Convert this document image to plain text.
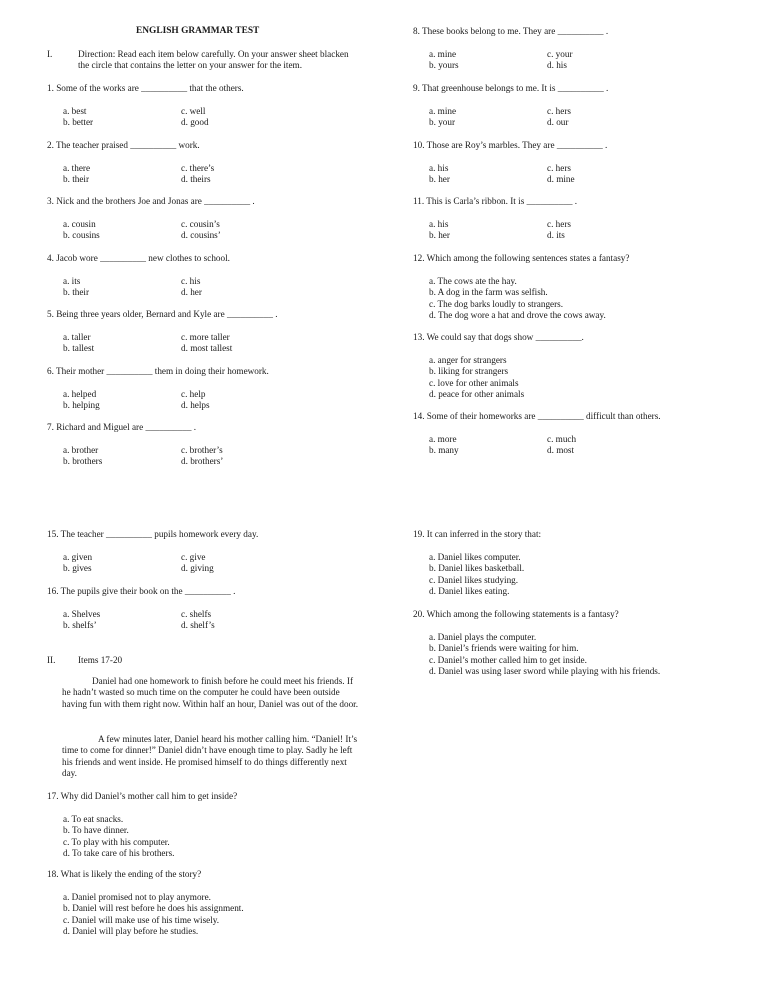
ENGLISH GRAMMAR TEST
I.	Direction: Read each item below carefully. On your answer sheet blacken
the circle that contains the letter on your answer for the item.
1. Some of the works are __________ that the others.
a. best
b. better
c. well
d. good
2. The teacher praised __________ work.
a. there
b. their
c. there’s
d. theirs
3. Nick and the brothers Joe and Jonas are __________ .
a. cousin
b. cousins
c. cousin’s
d. cousins’
4. Jacob wore __________ new clothes to school.
a. its
b. their
c. his
d. her
5. Being three years older, Bernard and Kyle are __________ .
a. taller
b. tallest
c. more taller
d. most tallest
6. Their mother __________ them in doing their homework.
a. helped
b. helping
c. help
d. helps
7. Richard and Miguel are __________ .
a. brother
b. brothers
c. brother’s
d. brothers’
8. These books belong to me. They are __________ .
a. mine
b. yours
c. your
d. his
9. That greenhouse belongs to me. It is __________ .
a. mine
b. your
c. hers
d. our
10. Those are Roy’s marbles. They are __________ .
a. his
b. her
c. hers
d. mine
11. This is Carla’s ribbon. It is __________ .
a. his
b. her
c. hers
d. its
14. Some of their homeworks are __________ difficult than others.
a. more
b. many
c. much
d. most
15. The teacher __________ pupils homework every day.
a. given
b. gives
c. give
d. giving
16. The pupils give their book on the __________ .
a. Shelves
b. shelfs’
c. shelfs
d. shelf’s
12. Which among the following sentences states a fantasy?
a. The cows ate the hay.
b. A dog in the farm was selfish.
c. The dog barks loudly to strangers.
d. The dog wore a hat and drove the cows away.
13. We could say that dogs show __________.
a. anger for strangers
b. liking for strangers
c. love for other animals
d. peace for other animals
19. It can inferred in the story that:
a. Daniel likes computer.
b. Daniel likes basketball.
c. Daniel likes studying.
d. Daniel likes eating.
20. Which among the following statements is a fantasy?
a. Daniel plays the computer.
b. Daniel’s friends were waiting for him.
c. Daniel’s mother called him to get inside.
d. Daniel was using laser sword while playing with his friends.
17. Why did Daniel’s mother call him to get inside?
a. To eat snacks.
b. To have dinner.
c. To play with his computer.
d. To take care of his brothers.
18. What is likely the ending of the story?
a. Daniel promised not to play anymore.
b. Daniel will rest before he does his assignment.
c. Daniel will make use of his time wisely.
d. Daniel will play before he studies.
II. Items 17-20
Daniel had one homework to finish before he could meet his friends. If he hadn’t wasted so much time on the computer he could have been outside having fun with them right now. Within half an hour, Daniel was out of the door.
A few minutes later, Daniel heard his mother calling him. “Daniel! It’s time to come for dinner!” Daniel didn’t have enough time to play. Sadly he left his friends and went inside. He promised himself to do things differently next day.
